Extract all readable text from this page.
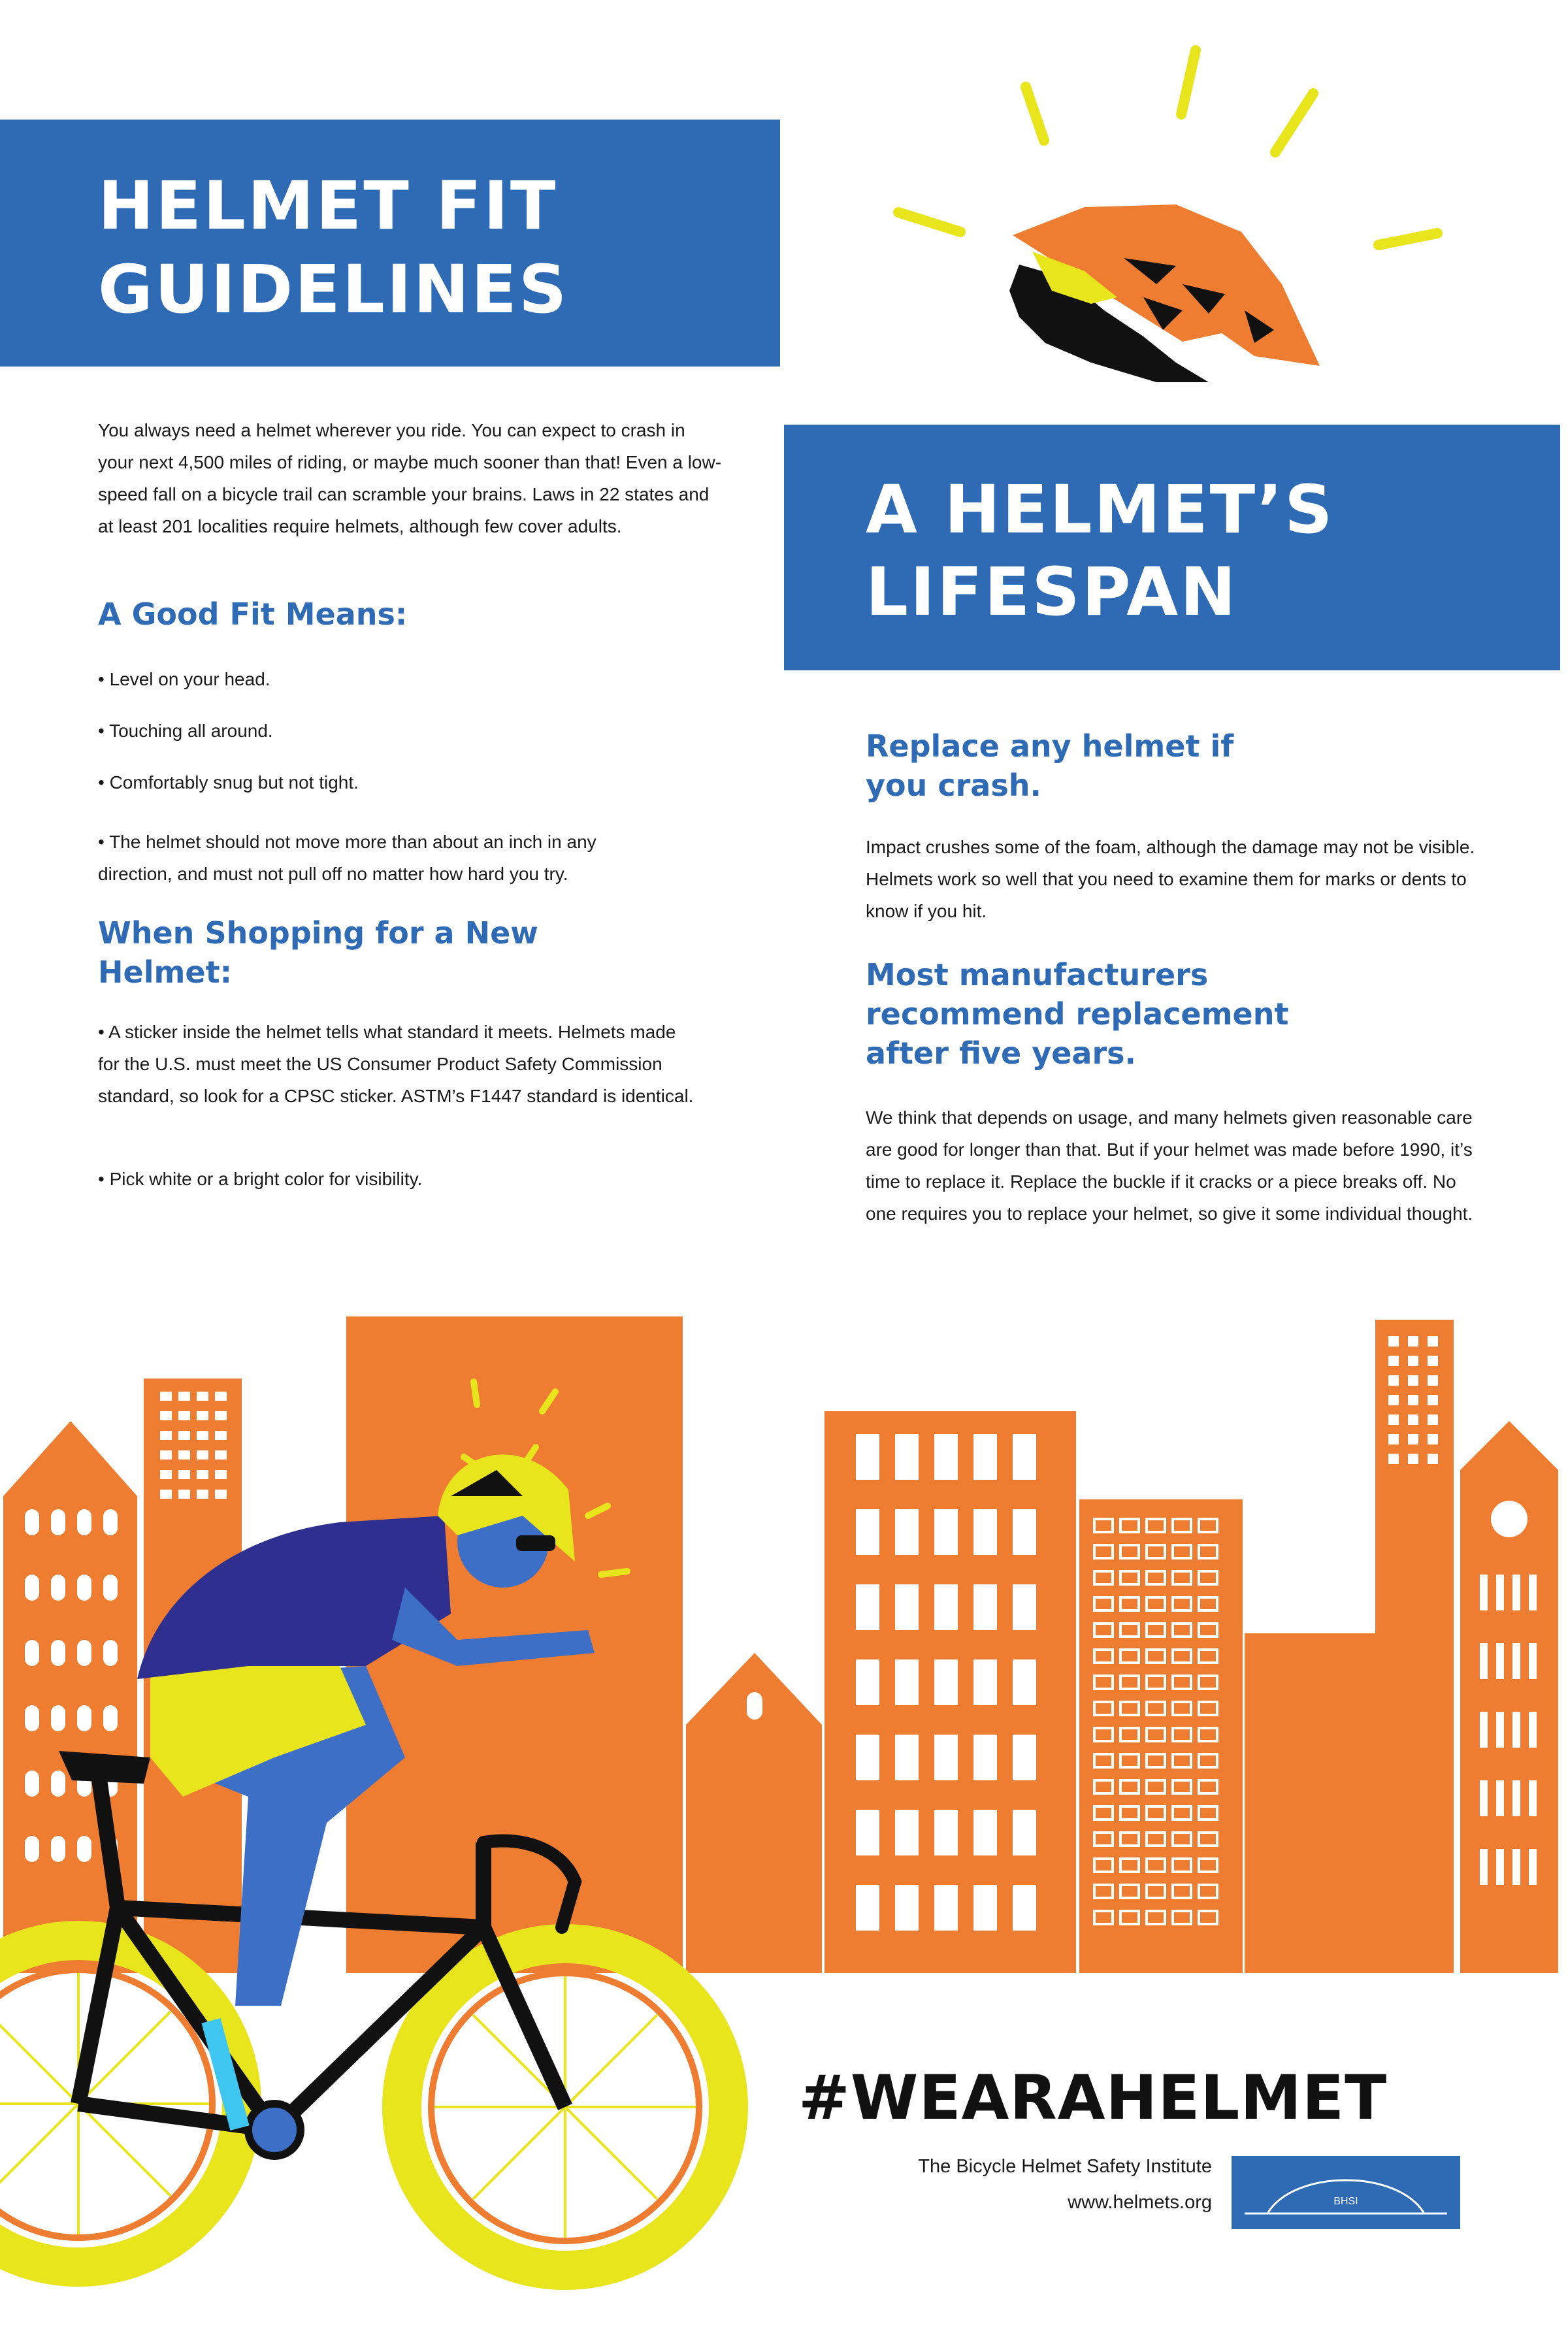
HELMET FIT
GUIDELINES

You always need a helmet wherever you ride. You can expect to crash in your next 4,500 miles of riding, or maybe much sooner than that! Even a low-speed fall on a bicycle trail can scramble your brains. Laws in 22 states and at least 201 localities require helmets, although few cover adults.

A Good Fit Means:
• Level on your head.
• Touching all around.
• Comfortably snug but not tight.
• The helmet should not move more than about an inch in any direction, and must not pull off no matter how hard you try.
When Shopping for a New
Helmet:
• A sticker inside the helmet tells what standard it meets. Helmets made for the U.S. must meet the US Consumer Product Safety Commission standard, so look for a CPSC sticker. ASTM’s F1447 standard is identical.
• Pick white or a bright color for visibility.
A HELMET’S
LIFESPAN
Replace any helmet if
you crash.

Impact crushes some of the foam, although the damage may not be visible. Helmets work so well that you need to examine them for marks or dents to know if you hit.

Most manufacturers
recommend replacement
after five years.

We think that depends on usage, and many helmets given reasonable care are good for longer than that. But if your helmet was made before 1990, it’s time to replace it. Replace the buckle if it cracks or a piece breaks off. No one requires you to replace your helmet, so give it some individual thought.

#WEARAHELMET
The Bicycle Helmet Safety Institute
www.helmets.org	BHSI
